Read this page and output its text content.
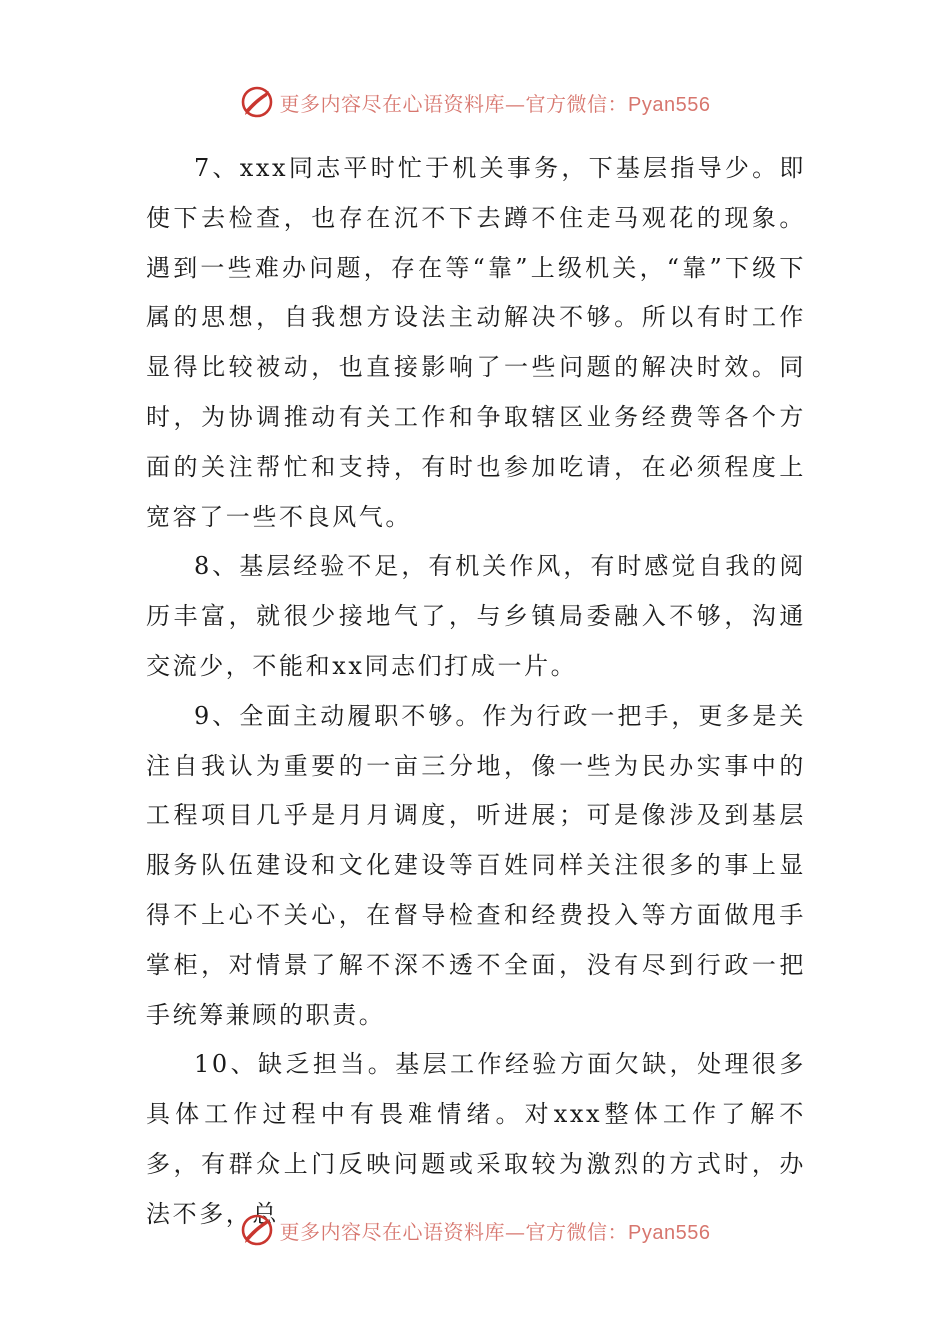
更多内容尽在心语资料库—官方微信：Pyan556

7、xxx同志平时忙于机关事务，下基层指导少。即使下去检查，也存在沉不下去蹲不住走马观花的现象。遇到一些难办问题，存在等“靠”上级机关，“靠”下级下属的思想，自我想方设法主动解决不够。所以有时工作显得比较被动，也直接影响了一些问题的解决时效。同时，为协调推动有关工作和争取辖区业务经费等各个方面的关注帮忙和支持，有时也参加吃请，在必须程度上宽容了一些不良风气。

8、基层经验不足，有机关作风，有时感觉自我的阅历丰富，就很少接地气了，与乡镇局委融入不够，沟通交流少，不能和xx同志们打成一片。

9、全面主动履职不够。作为行政一把手，更多是关注自我认为重要的一亩三分地，像一些为民办实事中的工程项目几乎是月月调度，听进展；可是像涉及到基层服务队伍建设和文化建设等百姓同样关注很多的事上显得不上心不关心，在督导检查和经费投入等方面做甩手掌柜，对情景了解不深不透不全面，没有尽到行政一把手统筹兼顾的职责。

10、缺乏担当。基层工作经验方面欠缺，处理很多具体工作过程中有畏难情绪。对xxx整体工作了解不多，有群众上门反映问题或采取较为激烈的方式时，办法不多，总

更多内容尽在心语资料库—官方微信：Pyan556
